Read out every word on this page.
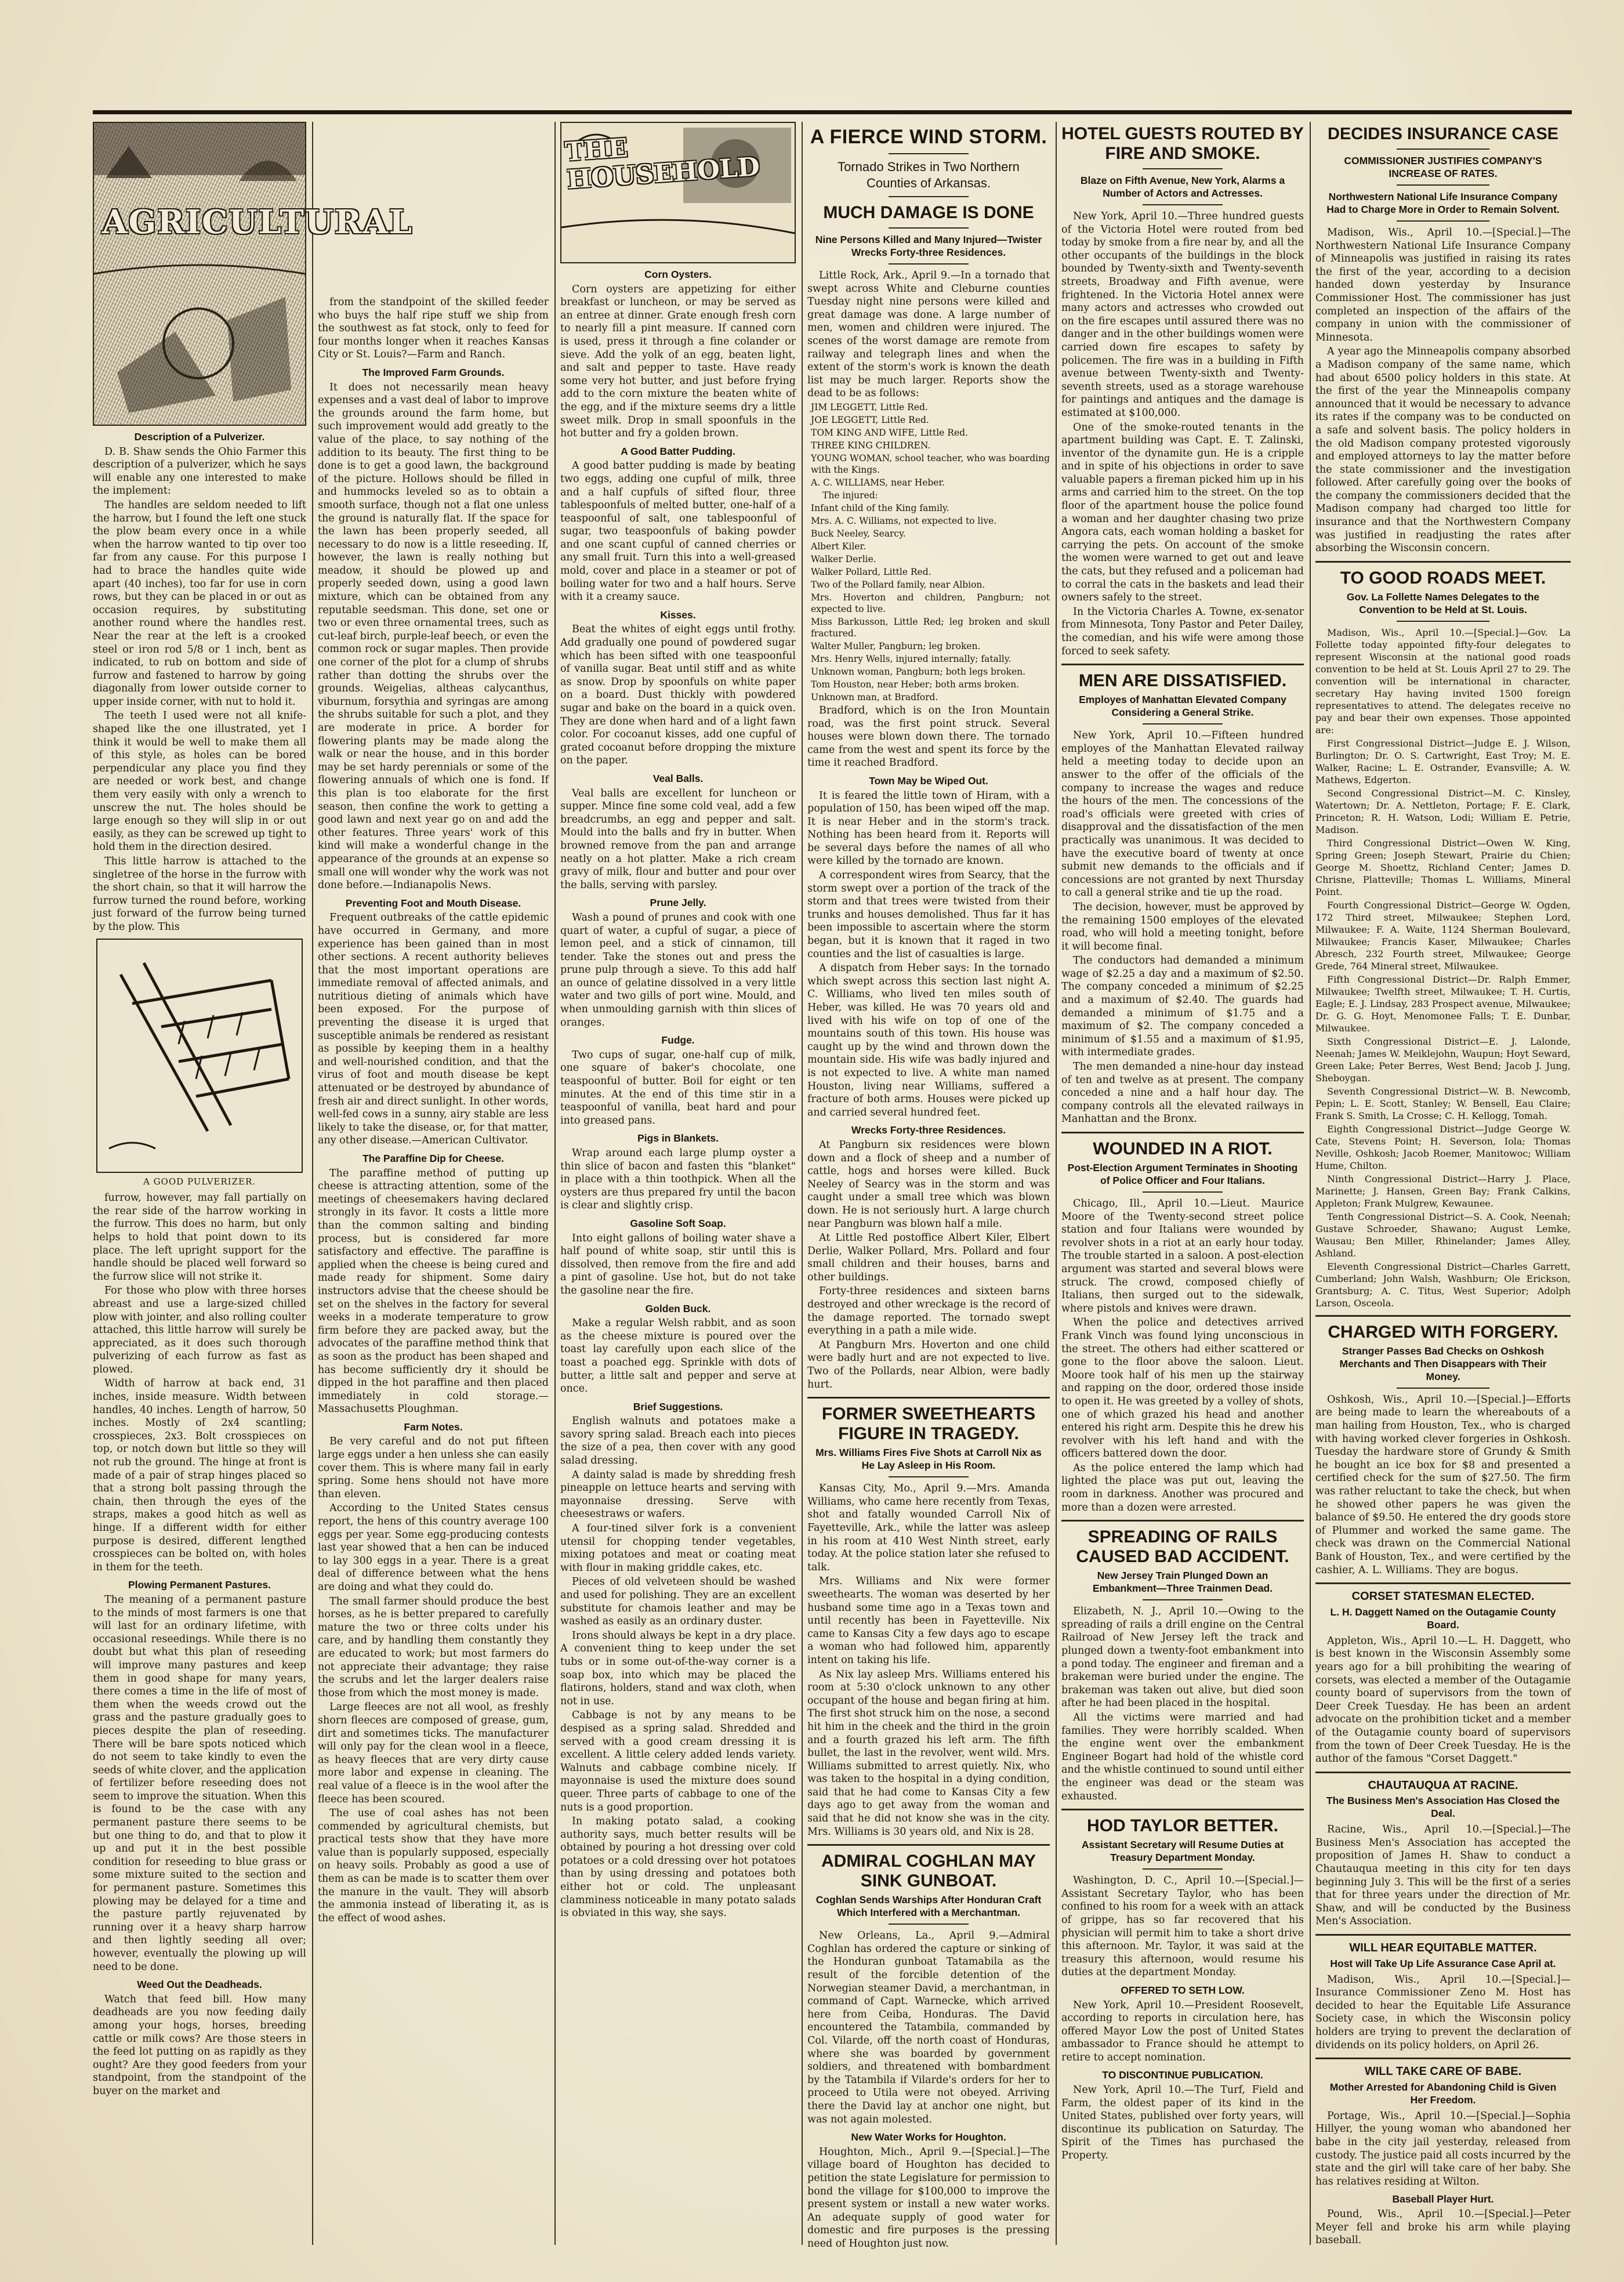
AGRICULTURAL
Description of a Pulverizer.

D. B. Shaw sends the Ohio Farmer this description of a pulverizer, which he says will enable any one interested to make the implement:

The handles are seldom needed to lift the harrow, but I found the left one stuck the plow beam every once in a while when the harrow wanted to tip over too far from any cause. For this purpose I had to brace the handles quite wide apart (40 inches), too far for use in corn rows, but they can be placed in or out as occasion requires, by substituting another round where the handles rest. Near the rear at the left is a crooked steel or iron rod 5/8 or 1 inch, bent as indicated, to rub on bottom and side of furrow and fastened to harrow by going diagonally from lower outside corner to upper inside corner, with nut to hold it.

The teeth I used were not all knife-shaped like the one illustrated, yet I think it would be well to make them all of this style, as holes can be bored perpendicular any place you find they are needed or work best, and change them very easily with only a wrench to unscrew the nut. The holes should be large enough so they will slip in or out easily, as they can be screwed up tight to hold them in the direction desired.

This little harrow is attached to the singletree of the horse in the furrow with the short chain, so that it will harrow the furrow turned the round before, working just forward of the furrow being turned by the plow. This

A GOOD PULVERIZER.

furrow, however, may fall partially on the rear side of the harrow working in the furrow. This does no harm, but only helps to hold that point down to its place. The left upright support for the handle should be placed well forward so the furrow slice will not strike it.

For those who plow with three horses abreast and use a large-sized chilled plow with jointer, and also rolling coulter attached, this little harrow will surely be appreciated, as it does such thorough pulverizing of each furrow as fast as plowed.

Width of harrow at back end, 31 inches, inside measure. Width between handles, 40 inches. Length of harrow, 50 inches. Mostly of 2x4 scantling; crosspieces, 2x3. Bolt crosspieces on top, or notch down but little so they will not rub the ground. The hinge at front is made of a pair of strap hinges placed so that a strong bolt passing through the chain, then through the eyes of the straps, makes a good hitch as well as hinge. If a different width for either purpose is desired, different lengthed crosspieces can be bolted on, with holes in them for the teeth.

Plowing Permanent Pastures.

The meaning of a permanent pasture to the minds of most farmers is one that will last for an ordinary lifetime, with occasional reseedings. While there is no doubt but what this plan of reseeding will improve many pastures and keep them in good shape for many years, there comes a time in the life of most of them when the weeds crowd out the grass and the pasture gradually goes to pieces despite the plan of reseeding. There will be bare spots noticed which do not seem to take kindly to even the seeds of white clover, and the application of fertilizer before reseeding does not seem to improve the situation. When this is found to be the case with any permanent pasture there seems to be but one thing to do, and that to plow it up and put it in the best possible condition for reseeding to blue grass or some mixture suited to the section and for permanent pasture. Sometimes this plowing may be delayed for a time and the pasture partly rejuvenated by running over it a heavy sharp harrow and then lightly seeding all over; however, eventually the plowing up will need to be done.

Weed Out the Deadheads.

Watch that feed bill. How many deadheads are you now feeding daily among your hogs, horses, breeding cattle or milk cows? Are those steers in the feed lot putting on as rapidly as they ought? Are they good feeders from your standpoint, from the standpoint of the buyer on the market and

from the standpoint of the skilled feeder who buys the half ripe stuff we ship from the southwest as fat stock, only to feed for four months longer when it reaches Kansas City or St. Louis?—Farm and Ranch.

The Improved Farm Grounds.

It does not necessarily mean heavy expenses and a vast deal of labor to improve the grounds around the farm home, but such improvement would add greatly to the value of the place, to say nothing of the addition to its beauty. The first thing to be done is to get a good lawn, the background of the picture. Hollows should be filled in and hummocks leveled so as to obtain a smooth surface, though not a flat one unless the ground is naturally flat. If the space for the lawn has been properly seeded, all necessary to do now is a little reseeding. If, however, the lawn is really nothing but meadow, it should be plowed up and properly seeded down, using a good lawn mixture, which can be obtained from any reputable seedsman. This done, set one or two or even three ornamental trees, such as cut-leaf birch, purple-leaf beech, or even the common rock or sugar maples. Then provide one corner of the plot for a clump of shrubs rather than dotting the shrubs over the grounds. Weigelias, altheas calycanthus, viburnum, forsythia and syringas are among the shrubs suitable for such a plot, and they are moderate in price. A border for flowering plants may be made along the walk or near the house, and in this border may be set hardy perennials or some of the flowering annuals of which one is fond. If this plan is too elaborate for the first season, then confine the work to getting a good lawn and next year go on and add the other features. Three years' work of this kind will make a wonderful change in the appearance of the grounds at an expense so small one will wonder why the work was not done before.—Indianapolis News.

Preventing Foot and Mouth Disease.

Frequent outbreaks of the cattle epidemic have occurred in Germany, and more experience has been gained than in most other sections. A recent authority believes that the most important operations are immediate removal of affected animals, and nutritious dieting of animals which have been exposed. For the purpose of preventing the disease it is urged that susceptible animals be rendered as resistant as possible by keeping them in a healthy and well-nourished condition, and that the virus of foot and mouth disease be kept attenuated or be destroyed by abundance of fresh air and direct sunlight. In other words, well-fed cows in a sunny, airy stable are less likely to take the disease, or, for that matter, any other disease.—American Cultivator.

The Paraffine Dip for Cheese.

The paraffine method of putting up cheese is attracting attention, some of the meetings of cheesemakers having declared strongly in its favor. It costs a little more than the common salting and binding process, but is considered far more satisfactory and effective. The paraffine is applied when the cheese is being cured and made ready for shipment. Some dairy instructors advise that the cheese should be set on the shelves in the factory for several weeks in a moderate temperature to grow firm before they are packed away, but the advocates of the paraffine method think that as soon as the product has been shaped and has become sufficiently dry it should be dipped in the hot paraffine and then placed immediately in cold storage.—Massachusetts Ploughman.

Farm Notes.

Be very careful and do not put fifteen large eggs under a hen unless she can easily cover them. This is where many fail in early spring. Some hens should not have more than eleven.

According to the United States census report, the hens of this country average 100 eggs per year. Some egg-producing contests last year showed that a hen can be induced to lay 300 eggs in a year. There is a great deal of difference between what the hens are doing and what they could do.

The small farmer should produce the best horses, as he is better prepared to carefully mature the two or three colts under his care, and by handling them constantly they are educated to work; but most farmers do not appreciate their advantage; they raise the scrubs and let the larger dealers raise those from which the most money is made.

Large fleeces are not all wool, as freshly shorn fleeces are composed of grease, gum, dirt and sometimes ticks. The manufacturer will only pay for the clean wool in a fleece, as heavy fleeces that are very dirty cause more labor and expense in cleaning. The real value of a fleece is in the wool after the fleece has been scoured.

The use of coal ashes has not been commended by agricultural chemists, but practical tests show that they have more value than is popularly supposed, especially on heavy soils. Probably as good a use of them as can be made is to scatter them over the manure in the vault. They will absorb the ammonia instead of liberating it, as is the effect of wood ashes.

THE HOUSEHOLD
Corn Oysters.

Corn oysters are appetizing for either breakfast or luncheon, or may be served as an entree at dinner. Grate enough fresh corn to nearly fill a pint measure. If canned corn is used, press it through a fine colander or sieve. Add the yolk of an egg, beaten light, and salt and pepper to taste. Have ready some very hot butter, and just before frying add to the corn mixture the beaten white of the egg, and if the mixture seems dry a little sweet milk. Drop in small spoonfuls in the hot butter and fry a golden brown.

A Good Batter Pudding.

A good batter pudding is made by beating two eggs, adding one cupful of milk, three and a half cupfuls of sifted flour, three tablespoonfuls of melted butter, one-half of a teaspoonful of salt, one tablespoonful of sugar, two teaspoonfuls of baking powder and one scant cupful of canned cherries or any small fruit. Turn this into a well-greased mold, cover and place in a steamer or pot of boiling water for two and a half hours. Serve with it a creamy sauce.

Kisses.

Beat the whites of eight eggs until frothy. Add gradually one pound of powdered sugar which has been sifted with one teaspoonful of vanilla sugar. Beat until stiff and as white as snow. Drop by spoonfuls on white paper on a board. Dust thickly with powdered sugar and bake on the board in a quick oven. They are done when hard and of a light fawn color. For cocoanut kisses, add one cupful of grated cocoanut before dropping the mixture on the paper.

Veal Balls.

Veal balls are excellent for luncheon or supper. Mince fine some cold veal, add a few breadcrumbs, an egg and pepper and salt. Mould into the balls and fry in butter. When browned remove from the pan and arrange neatly on a hot platter. Make a rich cream gravy of milk, flour and butter and pour over the balls, serving with parsley.

Prune Jelly.

Wash a pound of prunes and cook with one quart of water, a cupful of sugar, a piece of lemon peel, and a stick of cinnamon, till tender. Take the stones out and press the prune pulp through a sieve. To this add half an ounce of gelatine dissolved in a very little water and two gills of port wine. Mould, and when unmoulding garnish with thin slices of oranges.

Fudge.

Two cups of sugar, one-half cup of milk, one square of baker's chocolate, one teaspoonful of butter. Boil for eight or ten minutes. At the end of this time stir in a teaspoonful of vanilla, beat hard and pour into greased pans.

Pigs in Blankets.

Wrap around each large plump oyster a thin slice of bacon and fasten this "blanket" in place with a thin toothpick. When all the oysters are thus prepared fry until the bacon is clear and slightly crisp.

Gasoline Soft Soap.

Into eight gallons of boiling water shave a half pound of white soap, stir until this is dissolved, then remove from the fire and add a pint of gasoline. Use hot, but do not take the gasoline near the fire.

Golden Buck.

Make a regular Welsh rabbit, and as soon as the cheese mixture is poured over the toast lay carefully upon each slice of the toast a poached egg. Sprinkle with dots of butter, a little salt and pepper and serve at once.

Brief Suggestions.

English walnuts and potatoes make a savory spring salad. Breach each into pieces the size of a pea, then cover with any good salad dressing.

A dainty salad is made by shredding fresh pineapple on lettuce hearts and serving with mayonnaise dressing. Serve with cheesestraws or wafers.

A four-tined silver fork is a convenient utensil for chopping tender vegetables, mixing potatoes and meat or coating meat with flour in making griddle cakes, etc.

Pieces of old velveteen should be washed and used for polishing. They are an excellent substitute for chamois leather and may be washed as easily as an ordinary duster.

Irons should always be kept in a dry place. A convenient thing to keep under the set tubs or in some out-of-the-way corner is a soap box, into which may be placed the flatirons, holders, stand and wax cloth, when not in use.

Cabbage is not by any means to be despised as a spring salad. Shredded and served with a good cream dressing it is excellent. A little celery added lends variety. Walnuts and cabbage combine nicely. If mayonnaise is used the mixture does sound queer. Three parts of cabbage to one of the nuts is a good proportion.

In making potato salad, a cooking authority says, much better results will be obtained by pouring a hot dressing over cold potatoes or a cold dressing over hot potatoes than by using dressing and potatoes both either hot or cold. The unpleasant clamminess noticeable in many potato salads is obviated in this way, she says.

A FIERCE WIND STORM.
Tornado Strikes in Two Northern Counties of Arkansas.
MUCH DAMAGE IS DONE
Nine Persons Killed and Many Injured—Twister Wrecks Forty-three Residences.

Little Rock, Ark., April 9.—In a tornado that swept across White and Cleburne counties Tuesday night nine persons were killed and great damage was done. A large number of men, women and children were injured. The scenes of the worst damage are remote from railway and telegraph lines and when the extent of the storm's work is known the death list may be much larger. Reports show the dead to be as follows:

JIM LEGGETT, Little Red.

JOE LEGGETT, Little Red.

TOM KING AND WIFE, Little Red.

THREE KING CHILDREN.

YOUNG WOMAN, school teacher, who was boarding with the Kings.

A. C. WILLIAMS, near Heber.

The injured:

Infant child of the King family.

Mrs. A. C. Williams, not expected to live.

Buck Neeley, Searcy.

Albert Kiler.

Walker Derlie.

Walker Pollard, Little Red.

Two of the Pollard family, near Albion.

Mrs. Hoverton and children, Pangburn; not expected to live.

Miss Barkusson, Little Red; leg broken and skull fractured.

Walter Muller, Pangburn; leg broken.

Mrs. Henry Wells, injured internally; fatally.

Unknown woman, Pangburn; both legs broken.

Tom Houston, near Heber; both arms broken.

Unknown man, at Bradford.

Bradford, which is on the Iron Mountain road, was the first point struck. Several houses were blown down there. The tornado came from the west and spent its force by the time it reached Bradford.

Town May be Wiped Out.

It is feared the little town of Hiram, with a population of 150, has been wiped off the map. It is near Heber and in the storm's track. Nothing has been heard from it. Reports will be several days before the names of all who were killed by the tornado are known.

A correspondent wires from Searcy, that the storm swept over a portion of the track of the storm and that trees were twisted from their trunks and houses demolished. Thus far it has been impossible to ascertain where the storm began, but it is known that it raged in two counties and the list of casualties is large.

A dispatch from Heber says: In the tornado which swept across this section last night A. C. Williams, who lived ten miles south of Heber, was killed. He was 70 years old and lived with his wife on top of one of the mountains south of this town. His house was caught up by the wind and thrown down the mountain side. His wife was badly injured and is not expected to live. A white man named Houston, living near Williams, suffered a fracture of both arms. Houses were picked up and carried several hundred feet.

Wrecks Forty-three Residences.

At Pangburn six residences were blown down and a flock of sheep and a number of cattle, hogs and horses were killed. Buck Neeley of Searcy was in the storm and was caught under a small tree which was blown down. He is not seriously hurt. A large church near Pangburn was blown half a mile.

At Little Red postoffice Albert Kiler, Elbert Derlie, Walker Pollard, Mrs. Pollard and four small children and their houses, barns and other buildings.

Forty-three residences and sixteen barns destroyed and other wreckage is the record of the damage reported. The tornado swept everything in a path a mile wide.

At Pangburn Mrs. Hoverton and one child were badly hurt and are not expected to live. Two of the Pollards, near Albion, were badly hurt.

FORMER SWEETHEARTS FIGURE IN TRAGEDY.
Mrs. Williams Fires Five Shots at Carroll Nix as He Lay Asleep in His Room.

Kansas City, Mo., April 9.—Mrs. Amanda Williams, who came here recently from Texas, shot and fatally wounded Carroll Nix of Fayetteville, Ark., while the latter was asleep in his room at 410 West Ninth street, early today. At the police station later she refused to talk.

Mrs. Williams and Nix were former sweethearts. The woman was deserted by her husband some time ago in a Texas town and until recently has been in Fayetteville. Nix came to Kansas City a few days ago to escape a woman who had followed him, apparently intent on taking his life.

As Nix lay asleep Mrs. Williams entered his room at 5:30 o'clock unknown to any other occupant of the house and began firing at him. The first shot struck him on the nose, a second hit him in the cheek and the third in the groin and a fourth grazed his left arm. The fifth bullet, the last in the revolver, went wild. Mrs. Williams submitted to arrest quietly. Nix, who was taken to the hospital in a dying condition, said that he had come to Kansas City a few days ago to get away from the woman and said that he did not know she was in the city. Mrs. Williams is 30 years old, and Nix is 28.

ADMIRAL COGHLAN MAY SINK GUNBOAT.
Coghlan Sends Warships After Honduran Craft Which Interfered with a Merchantman.

New Orleans, La., April 9.—Admiral Coghlan has ordered the capture or sinking of the Honduran gunboat Tatamabila as the result of the forcible detention of the Norwegian steamer David, a merchantman, in command of Capt. Warnecke, which arrived here from Ceiba, Honduras. The David encountered the Tatambila, commanded by Col. Vilarde, off the north coast of Honduras, where she was boarded by government soldiers, and threatened with bombardment by the Tatambila if Vilarde's orders for her to proceed to Utila were not obeyed. Arriving there the David lay at anchor one night, but was not again molested.

New Water Works for Houghton.

Houghton, Mich., April 9.—[Special.]—The village board of Houghton has decided to petition the state Legislature for permission to bond the village for $100,000 to improve the present system or install a new water works. An adequate supply of good water for domestic and fire purposes is the pressing need of Houghton just now.

HOTEL GUESTS ROUTED BY FIRE AND SMOKE.
Blaze on Fifth Avenue, New York, Alarms a Number of Actors and Actresses.

New York, April 10.—Three hundred guests of the Victoria Hotel were routed from bed today by smoke from a fire near by, and all the other occupants of the buildings in the block bounded by Twenty-sixth and Twenty-seventh streets, Broadway and Fifth avenue, were frightened. In the Victoria Hotel annex were many actors and actresses who crowded out on the fire escapes until assured there was no danger and in the other buildings women were carried down fire escapes to safety by policemen. The fire was in a building in Fifth avenue between Twenty-sixth and Twenty-seventh streets, used as a storage warehouse for paintings and antiques and the damage is estimated at $100,000.

One of the smoke-routed tenants in the apartment building was Capt. E. T. Zalinski, inventor of the dynamite gun. He is a cripple and in spite of his objections in order to save valuable papers a fireman picked him up in his arms and carried him to the street. On the top floor of the apartment house the police found a woman and her daughter chasing two prize Angora cats, each woman holding a basket for carrying the pets. On account of the smoke the women were warned to get out and leave the cats, but they refused and a policeman had to corral the cats in the baskets and lead their owners safely to the street.

In the Victoria Charles A. Towne, ex-senator from Minnesota, Tony Pastor and Peter Dailey, the comedian, and his wife were among those forced to seek safety.

MEN ARE DISSATISFIED.
Employes of Manhattan Elevated Company Considering a General Strike.

New York, April 10.—Fifteen hundred employes of the Manhattan Elevated railway held a meeting today to decide upon an answer to the offer of the officials of the company to increase the wages and reduce the hours of the men. The concessions of the road's officials were greeted with cries of disapproval and the dissatisfaction of the men practically was unanimous. It was decided to have the executive board of twenty at once submit new demands to the officials and if concessions are not granted by next Thursday to call a general strike and tie up the road.

The decision, however, must be approved by the remaining 1500 employes of the elevated road, who will hold a meeting tonight, before it will become final.

The conductors had demanded a minimum wage of $2.25 a day and a maximum of $2.50. The company conceded a minimum of $2.25 and a maximum of $2.40. The guards had demanded a minimum of $1.75 and a maximum of $2. The company conceded a minimum of $1.55 and a maximum of $1.95, with intermediate grades.

The men demanded a nine-hour day instead of ten and twelve as at present. The company conceded a nine and a half hour day. The company controls all the elevated railways in Manhattan and the Bronx.

WOUNDED IN A RIOT.
Post-Election Argument Terminates in Shooting of Police Officer and Four Italians.

Chicago, Ill., April 10.—Lieut. Maurice Moore of the Twenty-second street police station and four Italians were wounded by revolver shots in a riot at an early hour today. The trouble started in a saloon. A post-election argument was started and several blows were struck. The crowd, composed chiefly of Italians, then surged out to the sidewalk, where pistols and knives were drawn.

When the police and detectives arrived Frank Vinch was found lying unconscious in the street. The others had either scattered or gone to the floor above the saloon. Lieut. Moore took half of his men up the stairway and rapping on the door, ordered those inside to open it. He was greeted by a volley of shots, one of which grazed his head and another entered his right arm. Despite this he drew his revolver with his left hand and with the officers battered down the door.

As the police entered the lamp which had lighted the place was put out, leaving the room in darkness. Another was procured and more than a dozen were arrested.

SPREADING OF RAILS CAUSED BAD ACCIDENT.
New Jersey Train Plunged Down an Embankment—Three Trainmen Dead.

Elizabeth, N. J., April 10.—Owing to the spreading of rails a drill engine on the Central Railroad of New Jersey left the track and plunged down a twenty-foot embankment into a pond today. The engineer and fireman and a brakeman were buried under the engine. The brakeman was taken out alive, but died soon after he had been placed in the hospital.

All the victims were married and had families. They were horribly scalded. When the engine went over the embankment Engineer Bogart had hold of the whistle cord and the whistle continued to sound until either the engineer was dead or the steam was exhausted.

HOD TAYLOR BETTER.
Assistant Secretary will Resume Duties at Treasury Department Monday.

Washington, D. C., April 10.—[Special.]—Assistant Secretary Taylor, who has been confined to his room for a week with an attack of grippe, has so far recovered that his physician will permit him to take a short drive this afternoon. Mr. Taylor, it was said at the treasury this afternoon, would resume his duties at the department Monday.

OFFERED TO SETH LOW.

New York, April 10.—President Roosevelt, according to reports in circulation here, has offered Mayor Low the post of United States ambassador to France should he attempt to retire to accept nomination.

TO DISCONTINUE PUBLICATION.

New York, April 10.—The Turf, Field and Farm, the oldest paper of its kind in the United States, published over forty years, will discontinue its publication on Saturday. The Spirit of the Times has purchased the Property.

DECIDES INSURANCE CASE
COMMISSIONER JUSTIFIES COMPANY'S INCREASE OF RATES.
Northwestern National Life Insurance Company Had to Charge More in Order to Remain Solvent.

Madison, Wis., April 10.—[Special.]—The Northwestern National Life Insurance Company of Minneapolis was justified in raising its rates the first of the year, according to a decision handed down yesterday by Insurance Commissioner Host. The commissioner has just completed an inspection of the affairs of the company in union with the commissioner of Minnesota.

A year ago the Minneapolis company absorbed a Madison company of the same name, which had about 6500 policy holders in this state. At the first of the year the Minneapolis company announced that it would be necessary to advance its rates if the company was to be conducted on a safe and solvent basis. The policy holders in the old Madison company protested vigorously and employed attorneys to lay the matter before the state commissioner and the investigation followed. After carefully going over the books of the company the commissioners decided that the Madison company had charged too little for insurance and that the Northwestern Company was justified in readjusting the rates after absorbing the Wisconsin concern.

TO GOOD ROADS MEET.
Gov. La Follette Names Delegates to the Convention to be Held at St. Louis.

Madison, Wis., April 10.—[Special.]—Gov. La Follette today appointed fifty-four delegates to represent Wisconsin at the national good roads convention to be held at St. Louis April 27 to 29. The convention will be international in character, secretary Hay having invited 1500 foreign representatives to attend. The delegates receive no pay and bear their own expenses. Those appointed are:

First Congressional District—Judge E. J. Wilson, Burlington; Dr. O. S. Cartwright, East Troy; M. E. Walker, Racine; L. E. Ostrander, Evansville; A. W. Mathews, Edgerton.

Second Congressional District—M. C. Kinsley, Watertown; Dr. A. Nettleton, Portage; F. E. Clark, Princeton; R. H. Watson, Lodi; William E. Petrie, Madison.

Third Congressional District—Owen W. King, Spring Green; Joseph Stewart, Prairie du Chien; George M. Shoettz, Richland Center; James D. Chrisne, Platteville; Thomas L. Williams, Mineral Point.

Fourth Congressional District—George W. Ogden, 172 Third street, Milwaukee; Stephen Lord, Milwaukee; F. A. Waite, 1124 Sherman Boulevard, Milwaukee; Francis Kaser, Milwaukee; Charles Abresch, 232 Fourth street, Milwaukee; George Grede, 764 Mineral street, Milwaukee.

Fifth Congressional District—Dr. Ralph Emmer, Milwaukee; Twelfth street, Milwaukee; T. H. Curtis, Eagle; E. J. Lindsay, 283 Prospect avenue, Milwaukee; Dr. G. G. Hoyt, Menomonee Falls; T. E. Dunbar, Milwaukee.

Sixth Congressional District—E. J. Lalonde, Neenah; James W. Meiklejohn, Waupun; Hoyt Seward, Green Lake; Peter Berres, West Bend; Jacob J. Jung, Sheboygan.

Seventh Congressional District—W. B. Newcomb, Pepin; L. E. Scott, Stanley; W. Bensell, Eau Claire; Frank S. Smith, La Crosse; C. H. Kellogg, Tomah.

Eighth Congressional District—Judge George W. Cate, Stevens Point; H. Severson, Iola; Thomas Neville, Oshkosh; Jacob Roemer, Manitowoc; William Hume, Chilton.

Ninth Congressional District—Harry J. Place, Marinette; J. Hansen, Green Bay; Frank Calkins, Appleton; Frank Mulgrew, Kewaunee.

Tenth Congressional District—S. A. Cook, Neenah; Gustave Schroeder, Shawano; August Lemke, Wausau; Ben Miller, Rhinelander; James Alley, Ashland.

Eleventh Congressional District—Charles Garrett, Cumberland; John Walsh, Washburn; Ole Erickson, Grantsburg; A. C. Titus, West Superior; Adolph Larson, Osceola.

CHARGED WITH FORGERY.
Stranger Passes Bad Checks on Oshkosh Merchants and Then Disappears with Their Money.

Oshkosh, Wis., April 10.—[Special.]—Efforts are being made to learn the whereabouts of a man hailing from Houston, Tex., who is charged with having worked clever forgeries in Oshkosh. Tuesday the hardware store of Grundy & Smith he bought an ice box for $8 and presented a certified check for the sum of $27.50. The firm was rather reluctant to take the check, but when he showed other papers he was given the balance of $9.50. He entered the dry goods store of Plummer and worked the same game. The check was drawn on the Commercial National Bank of Houston, Tex., and were certified by the cashier, A. L. Williams. They are bogus.

CORSET STATESMAN ELECTED.
L. H. Daggett Named on the Outagamie County Board.

Appleton, Wis., April 10.—L. H. Daggett, who is best known in the Wisconsin Assembly some years ago for a bill prohibiting the wearing of corsets, was elected a member of the Outagamie county board of supervisors from the town of Deer Creek Tuesday. He has been an ardent advocate on the prohibition ticket and a member of the Outagamie county board of supervisors from the town of Deer Creek Tuesday. He is the author of the famous "Corset Daggett."

CHAUTAUQUA AT RACINE.
The Business Men's Association Has Closed the Deal.

Racine, Wis., April 10.—[Special.]—The Business Men's Association has accepted the proposition of James H. Shaw to conduct a Chautauqua meeting in this city for ten days beginning July 3. This will be the first of a series that for three years under the direction of Mr. Shaw, and will be conducted by the Business Men's Association.

WILL HEAR EQUITABLE MATTER.
Host will Take Up Life Assurance Case April at.

Madison, Wis., April 10.—[Special.]—Insurance Commissioner Zeno M. Host has decided to hear the Equitable Life Assurance Society case, in which the Wisconsin policy holders are trying to prevent the declaration of dividends on its policy holders, on April 26.

WILL TAKE CARE OF BABE.
Mother Arrested for Abandoning Child is Given Her Freedom.

Portage, Wis., April 10.—[Special.]—Sophia Hillyer, the young woman who abandoned her babe in the city jail yesterday, released from custody. The justice paid all costs incurred by the state and the girl will take care of her baby. She has relatives residing at Wilton.

Baseball Player Hurt.

Pound, Wis., April 10.—[Special.]—Peter Meyer fell and broke his arm while playing baseball.
